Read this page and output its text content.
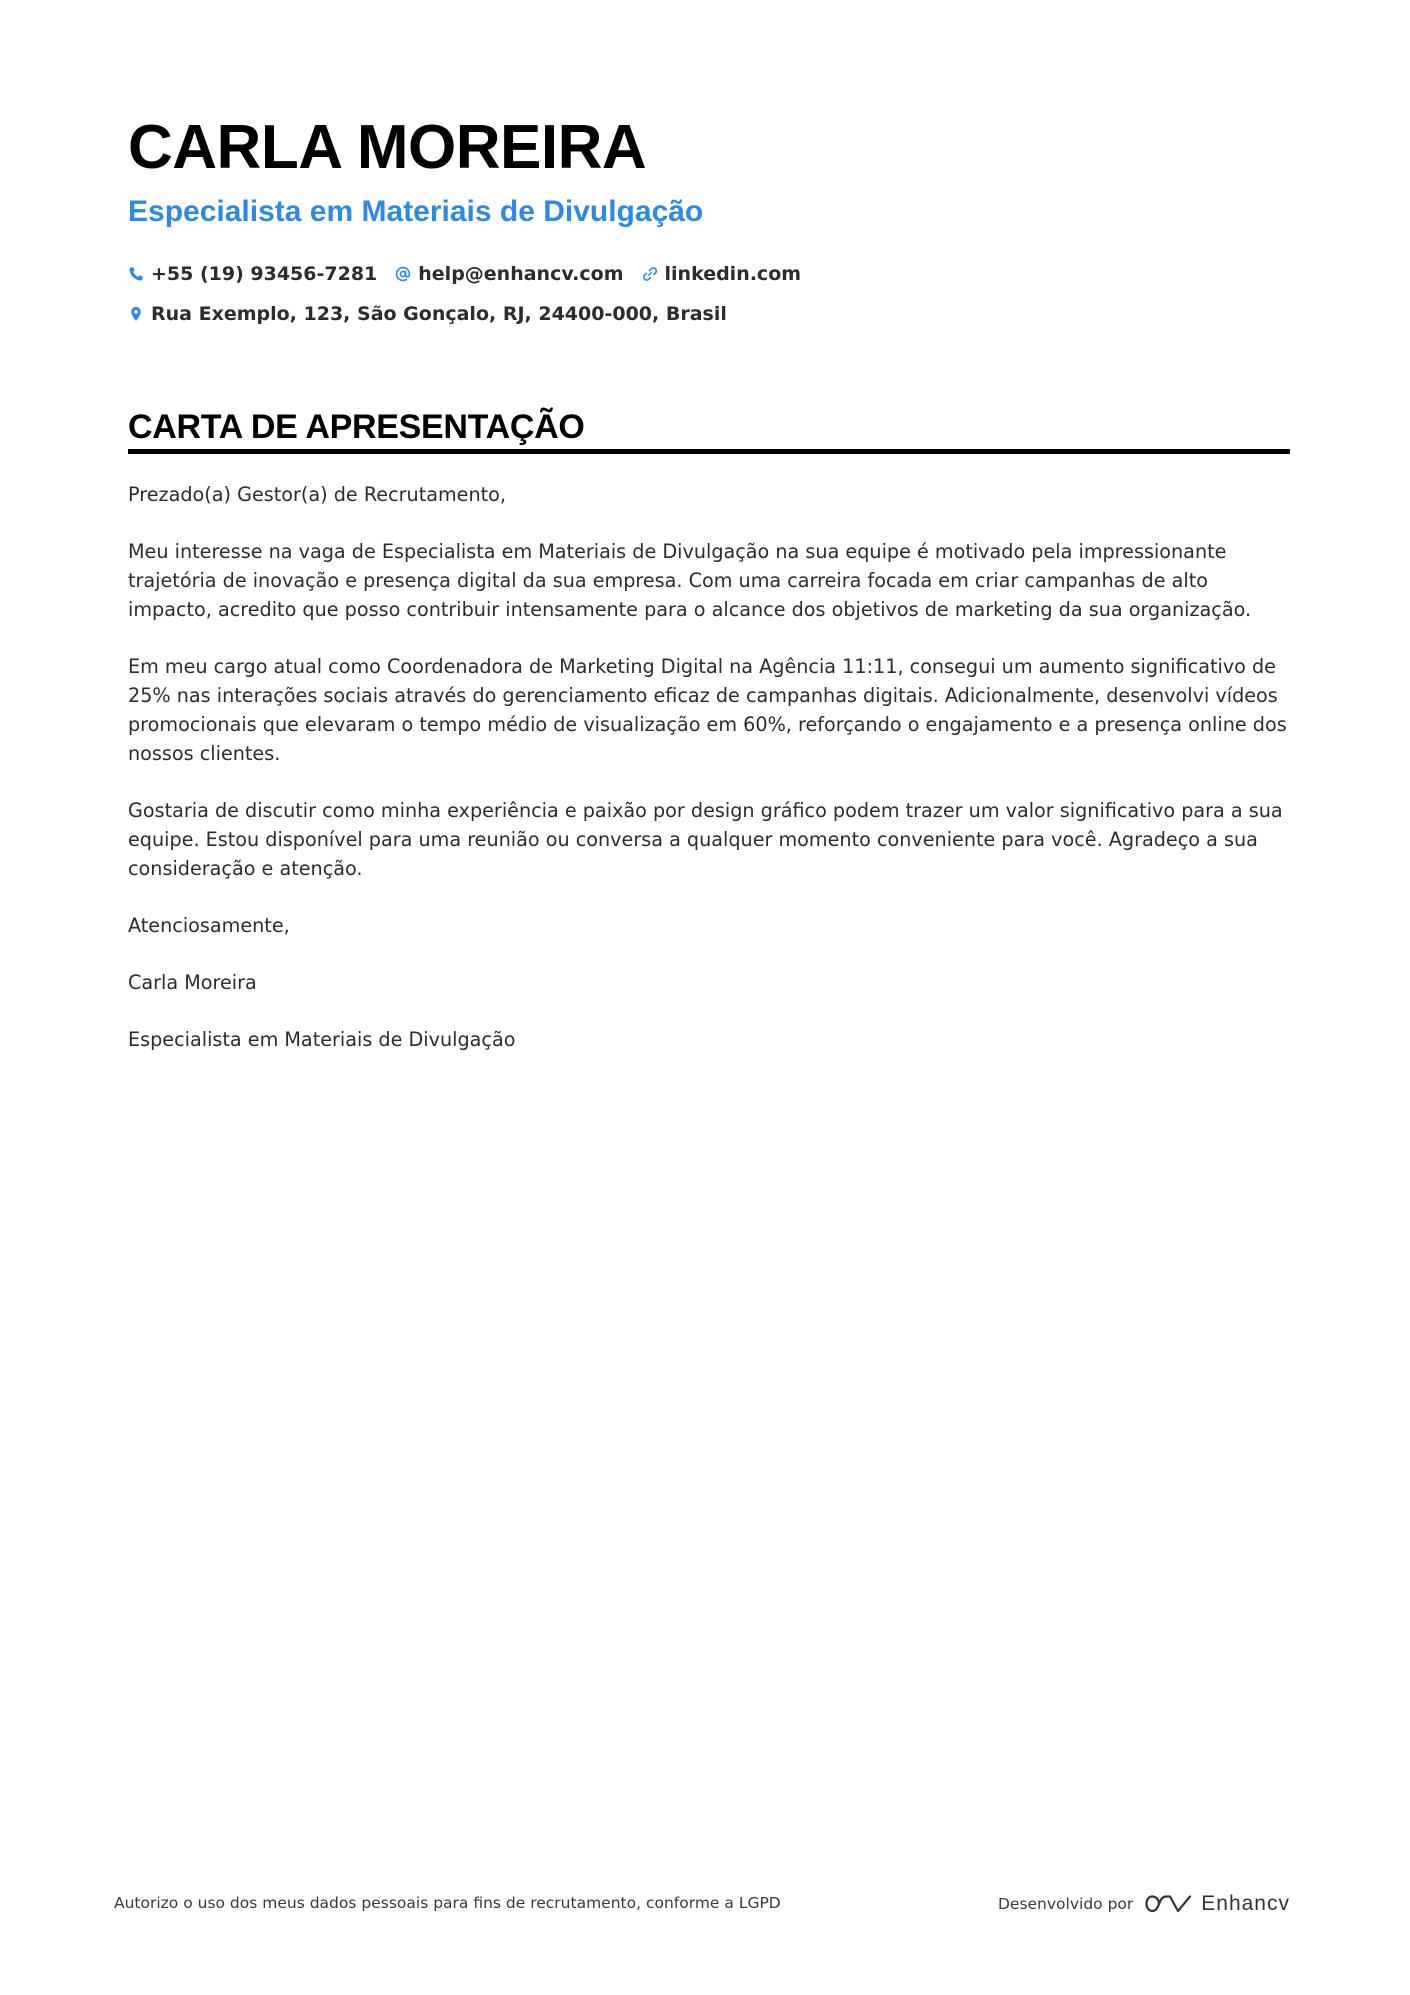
CARLA MOREIRA
Especialista em Materiais de Divulgação
+55 (19) 93456-7281 help@enhancv.com linkedin.com
Rua Exemplo, 123, São Gonçalo, RJ, 24400-000, Brasil
CARTA DE APRESENTAÇÃO

Prezado(a) Gestor(a) de Recrutamento,

Meu interesse na vaga de Especialista em Materiais de Divulgação na sua equipe é motivado pela impressionante trajetória de inovação e presença digital da sua empresa. Com uma carreira focada em criar campanhas de alto impacto, acredito que posso contribuir intensamente para o alcance dos objetivos de marketing da sua organização.

Em meu cargo atual como Coordenadora de Marketing Digital na Agência 11:11, consegui um aumento significativo de 25% nas interações sociais através do gerenciamento eficaz de campanhas digitais. Adicionalmente, desenvolvi vídeos promocionais que elevaram o tempo médio de visualização em 60%, reforçando o engajamento e a presença online dos nossos clientes.

Gostaria de discutir como minha experiência e paixão por design gráfico podem trazer um valor significativo para a sua equipe. Estou disponível para uma reunião ou conversa a qualquer momento conveniente para você. Agradeço a sua consideração e atenção.

Atenciosamente,

Carla Moreira

Especialista em Materiais de Divulgação

Autorizo o uso dos meus dados pessoais para fins de recrutamento, conforme a LGPD	Desenvolvido por	Enhancv
